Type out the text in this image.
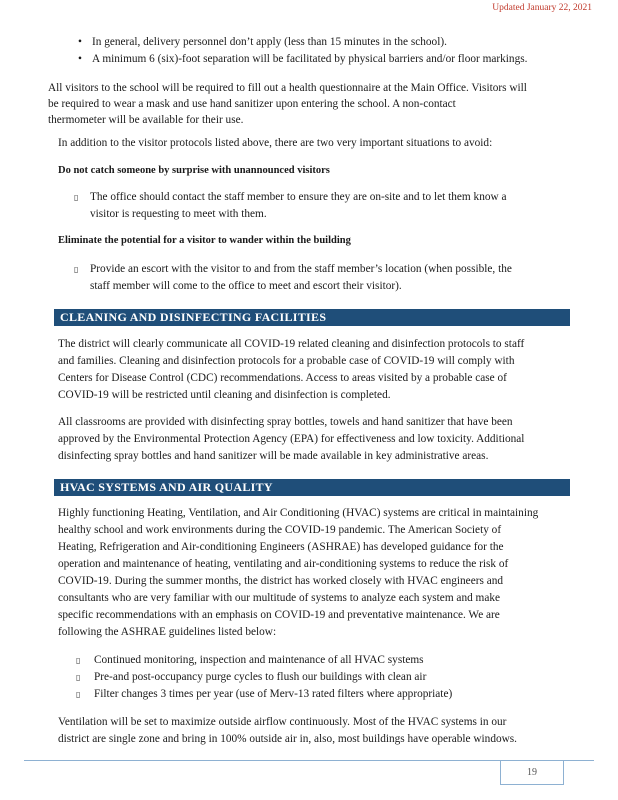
Updated January 22, 2021
• In general, delivery personnel don’t apply (less than 15 minutes in the school).
• A minimum 6 (six)-foot separation will be facilitated by physical barriers and/or floor markings.

All visitors to the school will be required to fill out a health questionnaire at the Main Office. Visitors will

be required to wear a mask and use hand sanitizer upon entering the school. A non-contact

thermometer will be available for their use.

In addition to the visitor protocols listed above, there are two very important situations to avoid:

Do not catch someone by surprise with unannounced visitors
▯ The office should contact the staff member to ensure they are on-site and to let them know a

visitor is requesting to meet with them.

Eliminate the potential for a visitor to wander within the building
▯ Provide an escort with the visitor to and from the staff member’s location (when possible, the

staff member will come to the office to meet and escort their visitor).

CLEANING AND DISINFECTING FACILITIES

The district will clearly communicate all COVID-19 related cleaning and disinfection protocols to staff

and families. Cleaning and disinfection protocols for a probable case of COVID-19 will comply with

Centers for Disease Control (CDC) recommendations. Access to areas visited by a probable case of

COVID-19 will be restricted until cleaning and disinfection is completed.

All classrooms are provided with disinfecting spray bottles, towels and hand sanitizer that have been

approved by the Environmental Protection Agency (EPA) for effectiveness and low toxicity. Additional

disinfecting spray bottles and hand sanitizer will be made available in key administrative areas.

HVAC SYSTEMS AND AIR QUALITY

Highly functioning Heating, Ventilation, and Air Conditioning (HVAC) systems are critical in maintaining

healthy school and work environments during the COVID-19 pandemic. The American Society of

Heating, Refrigeration and Air-conditioning Engineers (ASHRAE) has developed guidance for the

operation and maintenance of heating, ventilating and air-conditioning systems to reduce the risk of

COVID-19. During the summer months, the district has worked closely with HVAC engineers and

consultants who are very familiar with our multitude of systems to analyze each system and make

specific recommendations with an emphasis on COVID-19 and preventative maintenance. We are

following the ASHRAE guidelines listed below:

▯ Continued monitoring, inspection and maintenance of all HVAC systems

▯ Pre-and post-occupancy purge cycles to flush our buildings with clean air

▯ Filter changes 3 times per year (use of Merv-13 rated filters where appropriate)

Ventilation will be set to maximize outside airflow continuously. Most of the HVAC systems in our

district are single zone and bring in 100% outside air in, also, most buildings have operable windows.

19
